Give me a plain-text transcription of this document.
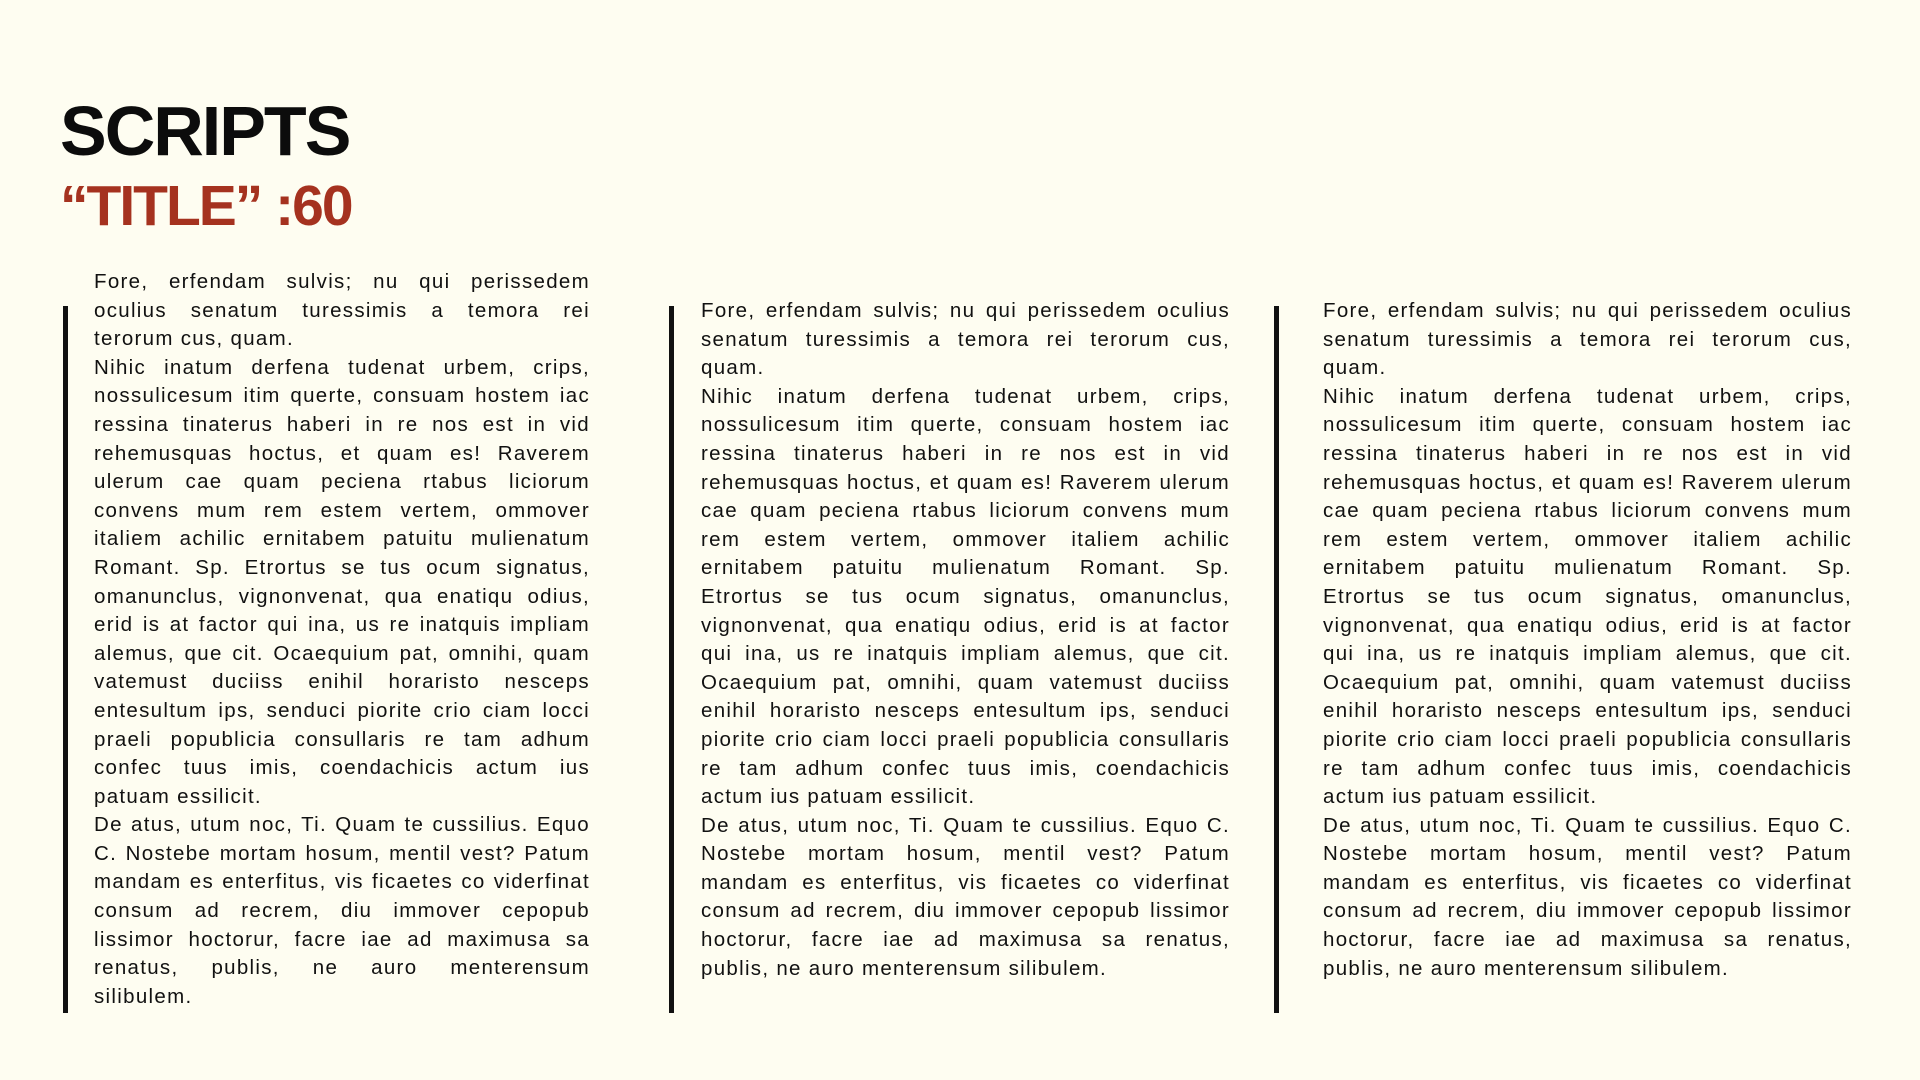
SCRIPTS
“TITLE” :60
Fore, erfendam sulvis; nu qui perissedem oculius senatum turessimis a temora rei terorum cus, quam.
Nihic inatum derfena tudenat urbem, crips, nossulicesum itim querte, consuam hostem iac ressina tinaterus haberi in re nos est in vid rehemusquas hoctus, et quam es! Raverem ulerum cae quam peciena rtabus liciorum convens mum rem estem vertem, ommover italiem achilic ernitabem patuitu mulienatum Romant. Sp. Etrortus se tus ocum signatus, omanunclus, vignonvenat, qua enatiqu odius, erid is at factor qui ina, us re inatquis impliam alemus, que cit. Ocaequium pat, omnihi, quam vatemust duciiss enihil horaristo nesceps entesultum ips, senduci piorite crio ciam locci praeli popublicia consullaris re tam adhum confec tuus imis, coendachicis actum ius patuam essilicit.
De atus, utum noc, Ti. Quam te cussilius. Equo C. Nostebe mortam hosum, mentil vest? Patum mandam es enterfitus, vis ficaetes co viderfinat consum ad recrem, diu immover cepopub lissimor hoctorur, facre iae ad maximusa sa renatus, publis, ne auro menterensum silibulem.
Fore, erfendam sulvis; nu qui perissedem oculius senatum turessimis a temora rei terorum cus, quam.
Nihic inatum derfena tudenat urbem, crips, nossulicesum itim querte, consuam hostem iac ressina tinaterus haberi in re nos est in vid rehemusquas hoctus, et quam es! Raverem ulerum cae quam peciena rtabus liciorum convens mum rem estem vertem, ommover italiem achilic ernitabem patuitu mulienatum Romant. Sp. Etrortus se tus ocum signatus, omanunclus, vignonvenat, qua enatiqu odius, erid is at factor qui ina, us re inatquis impliam alemus, que cit. Ocaequium pat, omnihi, quam vatemust duciiss enihil horaristo nesceps entesultum ips, senduci piorite crio ciam locci praeli popublicia consullaris re tam adhum confec tuus imis, coendachicis actum ius patuam essilicit.
De atus, utum noc, Ti. Quam te cussilius. Equo C. Nostebe mortam hosum, mentil vest? Patum mandam es enterfitus, vis ficaetes co viderfinat consum ad recrem, diu immover cepopub lissimor hoctorur, facre iae ad maximusa sa renatus, publis, ne auro menterensum silibulem.
Fore, erfendam sulvis; nu qui perissedem oculius senatum turessimis a temora rei terorum cus, quam.
Nihic inatum derfena tudenat urbem, crips, nossulicesum itim querte, consuam hostem iac ressina tinaterus haberi in re nos est in vid rehemusquas hoctus, et quam es! Raverem ulerum cae quam peciena rtabus liciorum convens mum rem estem vertem, ommover italiem achilic ernitabem patuitu mulienatum Romant. Sp. Etrortus se tus ocum signatus, omanunclus, vignonvenat, qua enatiqu odius, erid is at factor qui ina, us re inatquis impliam alemus, que cit. Ocaequium pat, omnihi, quam vatemust duciiss enihil horaristo nesceps entesultum ips, senduci piorite crio ciam locci praeli popublicia consullaris re tam adhum confec tuus imis, coendachicis actum ius patuam essilicit.
De atus, utum noc, Ti. Quam te cussilius. Equo C. Nostebe mortam hosum, mentil vest? Patum mandam es enterfitus, vis ficaetes co viderfinat consum ad recrem, diu immover cepopub lissimor hoctorur, facre iae ad maximusa sa renatus, publis, ne auro menterensum silibulem.
